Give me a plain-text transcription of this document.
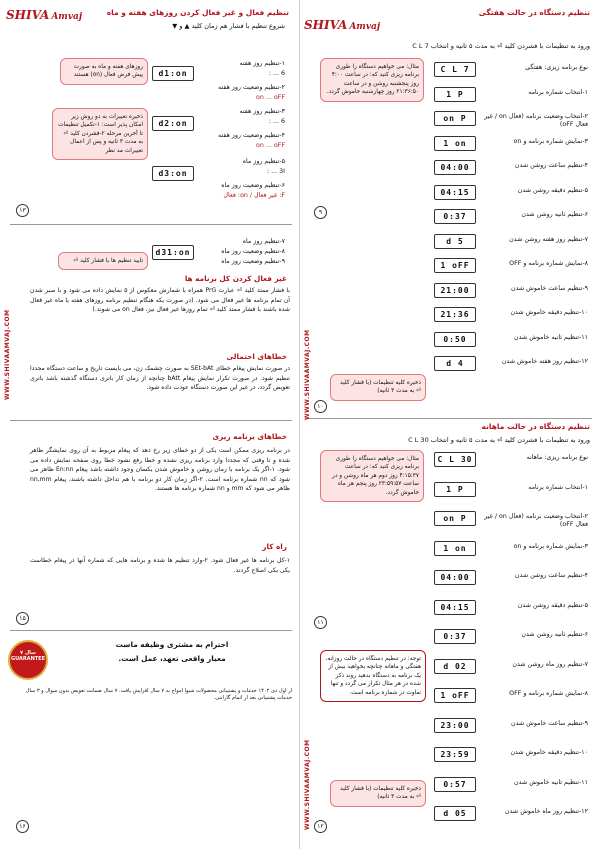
SHIVA Amvaj	تنظیم فعال و غیر فعال کردن روزهای هفته و ماه
شروع تنظیم با فشار هم زمان کلید ▲ و ▼
d1:on
d2:on
d3:on
d31:on
۱-تنظیم روز هفته
6 ... :
۲-تنظیم وضعیت روز هفته
on ... oFF
۳-تنظیم روز هفته
6 ... :
۴-تنظیم وضعیت روز هفته
on ... oFF
۵-تنظیم روز ماه
3I ... :
۶-تنظیم وضعیت روز ماه
F: غیر فعال / on: فعال
۷-تنظیم روز ماه
۸-تنظیم وضعیت روز ماه
۹-تنظیم وضعیت روز ماه
روزهای هفته و ماه به صورت پیش فرض فعال (on) هستند
ذخیره تغییرات به دو روش زیر امکان پذیر است: ۱-تکمیل تنظیمات تا آخرین مرحله ۲-فشردن کلید ⏎ به مدت ۳ ثانیه و پس از اعمال تغییرات مد نظر
تایید تنظیم ها با فشار کلید ⏎
۱۳
غیر فعال کردن کل برنامه ها
با فشار ممتد کلید ⏎ عبارت PrG همراه با شمارش معکوس از ۵ نمایش داده می شود و با صبر شدن آن تمام برنامه ها غیر فعال می شود. (در صورت یکه هنگام تنظیم برنامه روزهای هفته یا ماه غیر فعال شده باشند با فشار ممتد کلید ⏎ تمام روزها غیر فعال نیز، فعال on می شوند.)
خطاهای احتمالی
در صورت نمایش پیغام خطای SEt-bAt به صورت چشمک زن، می بایست تاریخ و ساعت دستگاه مجددا تنظیم شود. در صورت تکرار نمایش پیغام bAtt چنانچه از زمان کار باتری دستگاه گذشته باشد باتری تعویض گردد، در غیر این صورت دستگاه عودت داده شود.
خطاهای برنامه ریزی
در برنامه ریزی ممکن است یکی از دو خطای زیر رخ دهد که پیغام مربوط به آن روی نمایشگر ظاهر شده و تا وقتی که مجددا وارد برنامه ریزی نشده و خطا رفع نشود خطا روی صفحه نمایش داده می شود. ۱-اگر یک برنامه با زمان روشن و خاموش شدن یکسان وجود داشته باشد پیغام En:nn ظاهر می شود که nn شماره برنامه است. ۲-اگر زمان کار دو برنامه با هم تداخل داشته باشند، پیغام nn,mm ظاهر می شود که mm و nn شماره برنامه ها هستند.
راه کار
۱-کل برنامه ها غیر فعال شود. ۲-وارد تنظیم ها شده و برنامه هایی که شماره آنها در پیغام خطاست یکی یکی اصلاح گردند.
۱۵
احترام به مشتری وظیفه ماست
معیار واقعی تعهد، عمل است.
۷ سال GUARANTEE
از اول دی ۱۴۰۲ خدمات و پشتیبانی محصولات شیوا امواج به ۷ سال افزایش یافت. ۷ سال ضمانت تعویض بدون سوال و ۳ سال خدمات پشتیبانی بعد از اتمام گارانتی.
۱۶
WWW.SHIVAAMVAJ.COM
SHIVA Amvaj
تنظیم دستگاه در حالت هفتگی
ورود به تنظیمات با فشردن کلید ⏎ به مدت ۵ ثانیه و انتخاب C L 7
مثال: می خواهیم دستگاه را طوری برنامه ریزی کنید که: در ساعت ۴:۰۰ روز پنجشنبه روشن و در ساعت ۲۱:۳۶:۵۰ روز چهارشنبه خاموش گردد.
C L 7	نوع برنامه ریزی: هفتگی
1 P	۱-انتخاب شماره برنامه
on P	۲-انتخاب وضعیت برنامه (فعال on / غیر فعال oFF)
1 on	۳-نمایش شماره برنامه و on
04:00	۴-تنظیم ساعت روشن شدن
04:15	۵-تنظیم دقیقه روشن شدن
0:37	۶-تنظیم ثانیه روشن شدن
d 5	۷-تنظیم روز هفته روشن شدن
1 oFF	۸-نمایش شماره برنامه و OFF
21:00	۹-تنظیم ساعت خاموش شدن
21:36	۱۰-تنظیم دقیقه خاموش شدن
0:50	۱۱-تنظیم ثانیه خاموش شدن
d 4	۱۲-تنظیم روز هفته خاموش شدن
ذخیره کلیه تنظیمات (با فشار کلید ⏎ به مدت ۳ ثانیه)
۹
۱۰
تنظیم دستگاه در حالت ماهانه
ورود به تنظیمات با فشردن کلید ⏎ به مدت ۵ ثانیه و انتخاب C L 30
مثال: می خواهیم دستگاه را طوری برنامه ریزی کنید که: در ساعت ۴:۱۵:۳۷ روز دوم هر ماه روشن و در ساعت ۲۳:۵۹:۵۷ روز پنجم هر ماه خاموش گردد.
C L 30	نوع برنامه ریزی: ماهانه
1 P	۱-انتخاب شماره برنامه
on P	۲-انتخاب وضعیت برنامه (فعال on / غیر فعال oFF)
1 on	۳-نمایش شماره برنامه و on
04:00	۴-تنظیم ساعت روشن شدن
04:15	۵-تنظیم دقیقه روشن شدن
0:37	۶-تنظیم ثانیه روشن شدن
d 02	۷-تنظیم روز ماه روشن شدن
1 oFF	۸-نمایش شماره برنامه و OFF
23:00	۹-تنظیم ساعت خاموش شدن
23:59	۱۰-تنظیم دقیقه خاموش شدن
0:57	۱۱-تنظیم ثانیه خاموش شدن
d 05	۱۲-تنظیم روز ماه خاموش شدن
۱۱
توجه: در تنظیم دستگاه در حالت روزانه، هفتگی و ماهانه چنانچه بخواهید بیش از یک برنامه به دستگاه بدهید روند ذکر شده در هر مثال تکرار می گردد و تنها تفاوت در شماره برنامه است.
ذخیره کلیه تنظیمات (با فشار کلید ⏎ به مدت ۳ ثانیه)
۱۲
WWW.SHIVAAMVAJ.COM
WWW.SHIVAAMVAJ.COM
